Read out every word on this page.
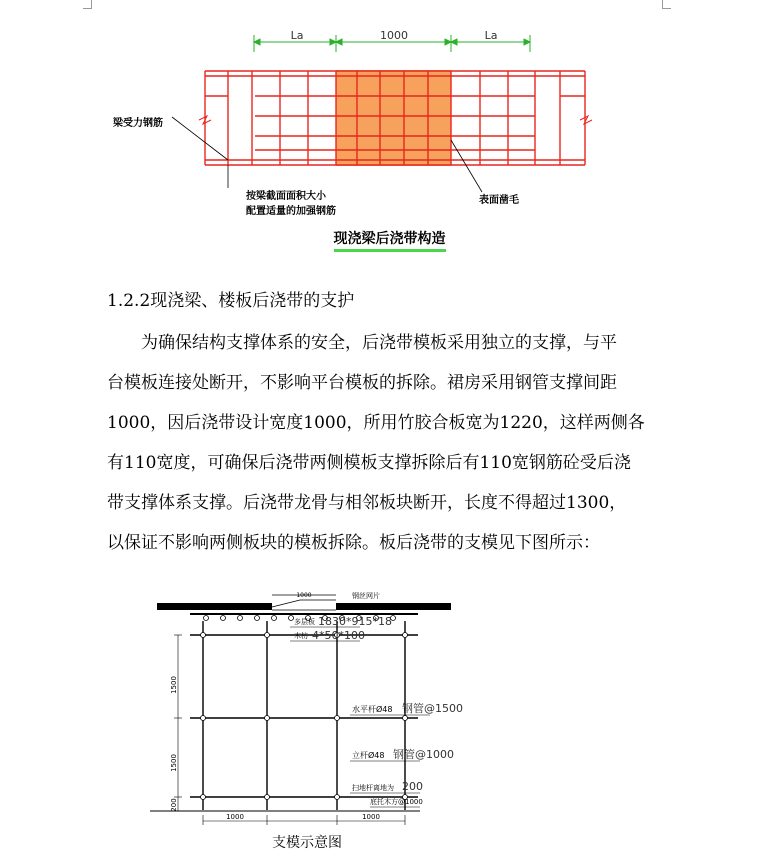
La	1000	La
梁受力钢筋
按梁截面面积大小
配置适量的加强钢筋
表面凿毛
现浇梁后浇带构造
1.2.2现浇梁、楼板后浇带的支护
为确保结构支撑体系的安全，后浇带模板采用独立的支撑，与平
台模板连接处断开，不影响平台模板的拆除。裙房采用钢管支撑间距
1000，因后浇带设计宽度1000，所用竹胶合板宽为1220，这样两侧各
有110宽度，可确保后浇带两侧模板支撑拆除后有110宽钢筋砼受后浇
带支撑体系支撑。后浇带龙骨与相邻板块断开，长度不得超过1300，
以保证不影响两侧板块的模板拆除。板后浇带的支模见下图所示：
1000	钢丝网片
1500
1500
200
1000	1000
多层板 1830*915*18
木枋 4*50*100
水平杆Ø48 钢管@1500
立杆Ø48 钢管@1000
扫地杆离地为 200
底托木方@1000
支模示意图
